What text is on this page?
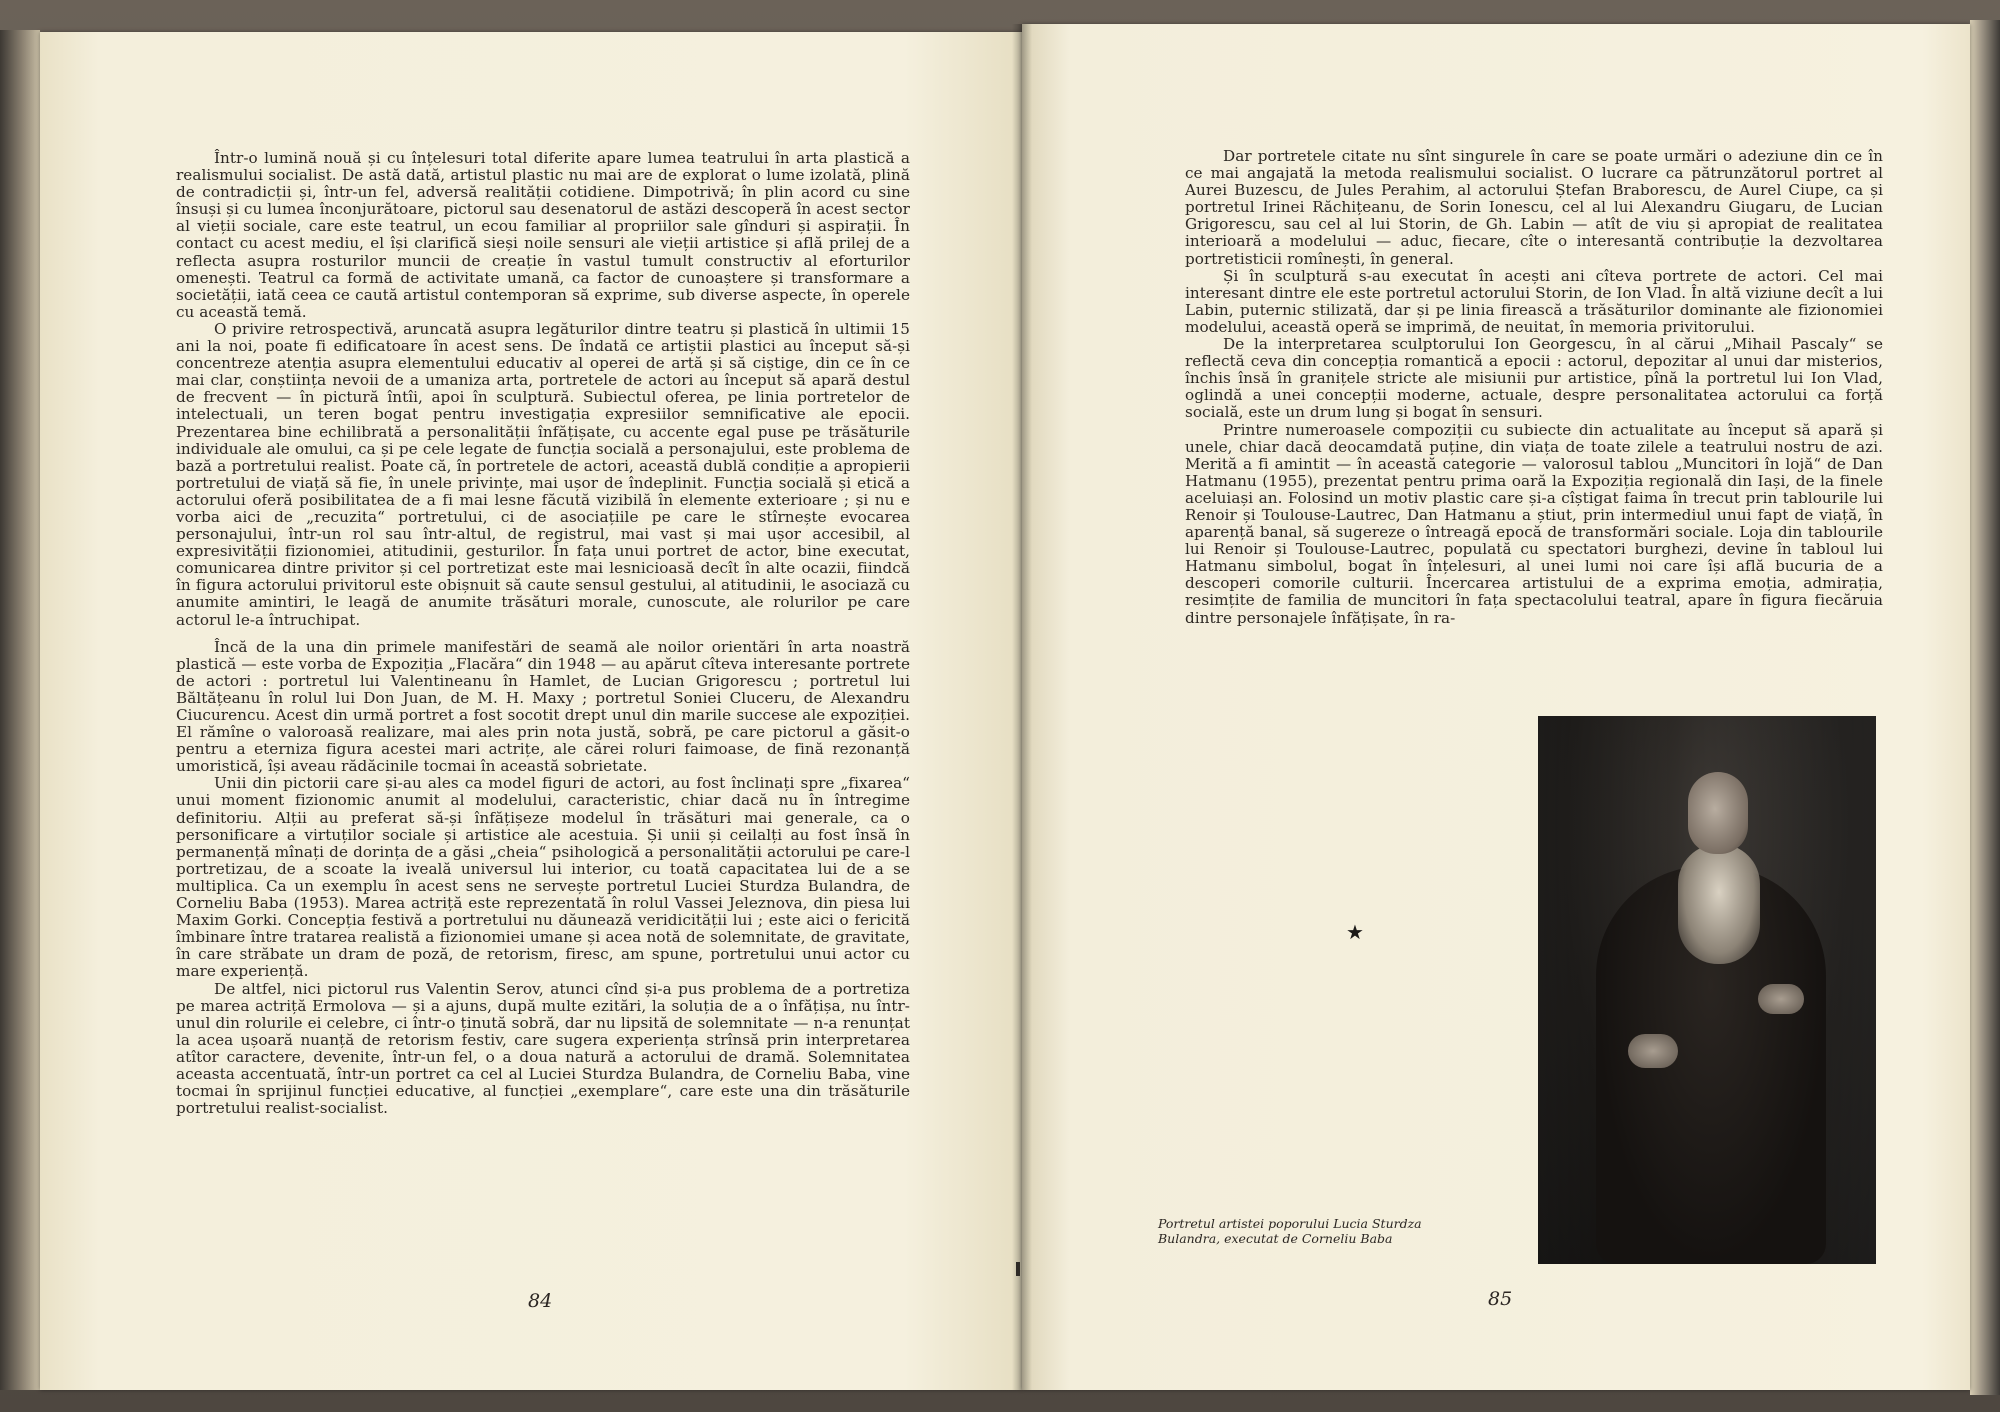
Într-o lumină nouă și cu înțelesuri total diferite apare lumea teatrului în arta plastică a realismului socialist. De astă dată, artistul plastic nu mai are de explorat o lume izolată, plină de contradicții și, într-un fel, adversă realității cotidiene. Dimpotrivă; în plin acord cu sine însuși și cu lumea înconjurătoare, pictorul sau desenatorul de astăzi descoperă în acest sector al vieții sociale, care este teatrul, un ecou familiar al propriilor sale gînduri și aspirații. În contact cu acest mediu, el își clarifică sieși noile sensuri ale vieții artistice și află prilej de a reflecta asupra rosturilor muncii de creație în vastul tumult constructiv al eforturilor omenești. Teatrul ca formă de activitate umană, ca factor de cunoaștere și transformare a societății, iată ceea ce caută artistul contemporan să exprime, sub diverse aspecte, în operele cu această temă.

O privire retrospectivă, aruncată asupra legăturilor dintre teatru și plastică în ultimii 15 ani la noi, poate fi edificatoare în acest sens. De îndată ce artiștii plastici au început să-și concentreze atenția asupra elementului educativ al operei de artă și să ciștige, din ce în ce mai clar, conștiința nevoii de a umaniza arta, portretele de actori au început să apară destul de frecvent — în pictură întîi, apoi în sculptură. Subiectul oferea, pe linia portretelor de intelectuali, un teren bogat pentru investigația expresiilor semnificative ale epocii. Prezentarea bine echilibrată a personalității înfățișate, cu accente egal puse pe trăsăturile individuale ale omului, ca și pe cele legate de funcția socială a personajului, este problema de bază a portretului realist. Poate că, în portretele de actori, această dublă condiție a apropierii portretului de viață să fie, în unele privințe, mai ușor de îndeplinit. Funcția socială și etică a actorului oferă posibilitatea de a fi mai lesne făcută vizibilă în elemente exterioare ; și nu e vorba aici de „recuzita“ portretului, ci de asociațiile pe care le stîrnește evocarea personajului, într-un rol sau într-altul, de registrul, mai vast și mai ușor accesibil, al expresivității fizionomiei, atitudinii, gesturilor. În fața unui portret de actor, bine executat, comunicarea dintre privitor și cel portretizat este mai lesnicioasă decît în alte ocazii, fiindcă în figura actorului privitorul este obișnuit să caute sensul gestului, al atitudinii, le asociază cu anumite amintiri, le leagă de anumite trăsături morale, cunoscute, ale rolurilor pe care actorul le-a întruchipat.

Încă de la una din primele manifestări de seamă ale noilor orientări în arta noastră plastică — este vorba de Expoziția „Flacăra“ din 1948 — au apărut cîteva interesante portrete de actori : portretul lui Valentineanu în Hamlet, de Lucian Grigorescu ; portretul lui Băltățeanu în rolul lui Don Juan, de M. H. Maxy ; portretul Soniei Cluceru, de Alexandru Ciucurencu. Acest din urmă portret a fost socotit drept unul din marile succese ale expoziției. El rămîne o valoroasă realizare, mai ales prin nota justă, sobră, pe care pictorul a găsit-o pentru a eterniza figura acestei mari actrițe, ale cărei roluri faimoase, de fină rezonanță umoristică, își aveau rădăcinile tocmai în această sobrietate.

Unii din pictorii care și-au ales ca model figuri de actori, au fost înclinați spre „fixarea“ unui moment fizionomic anumit al modelului, caracteristic, chiar dacă nu în întregime definitoriu. Alții au preferat să-și înfățișeze modelul în trăsături mai generale, ca o personificare a virtuților sociale și artistice ale acestuia. Și unii și ceilalți au fost însă în permanență mînați de dorința de a găsi „cheia“ psihologică a personalității actorului pe care-l portretizau, de a scoate la iveală universul lui interior, cu toată capacitatea lui de a se multiplica. Ca un exemplu în acest sens ne servește portretul Luciei Sturdza Bulandra, de Corneliu Baba (1953). Marea actriță este reprezentată în rolul Vassei Jeleznova, din piesa lui Maxim Gorki. Concepția festivă a portretului nu dăunează veridicității lui ; este aici o fericită îmbinare între tratarea realistă a fizionomiei umane și acea notă de solemnitate, de gravitate, în care străbate un dram de poză, de retorism, firesc, am spune, portretului unui actor cu mare experiență.

De altfel, nici pictorul rus Valentin Serov, atunci cînd și-a pus problema de a portretiza pe marea actriță Ermolova — și a ajuns, după multe ezitări, la soluția de a o înfățișa, nu într-unul din rolurile ei celebre, ci într-o ținută sobră, dar nu lipsită de solemnitate — n-a renunțat la acea ușoară nuanță de retorism festiv, care sugera experiența strînsă prin interpretarea atîtor caractere, devenite, într-un fel, o a doua natură a actorului de dramă. Solemnitatea aceasta accentuată, într-un portret ca cel al Luciei Sturdza Bulandra, de Corneliu Baba, vine tocmai în sprijinul funcției educative, al funcției „exemplare“, care este una din trăsăturile portretului realist-socialist.

84

Dar portretele citate nu sînt singurele în care se poate urmări o adeziune din ce în ce mai angajată la metoda realismului socialist. O lucrare ca pătrunzătorul portret al Aurei Buzescu, de Jules Perahim, al actorului Ștefan Braborescu, de Aurel Ciupe, ca și portretul Irinei Răchițeanu, de Sorin Ionescu, cel al lui Alexandru Giugaru, de Lucian Grigorescu, sau cel al lui Storin, de Gh. Labin — atît de viu și apropiat de realitatea interioară a modelului — aduc, fiecare, cîte o interesantă contribuție la dezvoltarea portretisticii romînești, în general.

Și în sculptură s-au executat în acești ani cîteva portrete de actori. Cel mai interesant dintre ele este portretul actorului Storin, de Ion Vlad. În altă viziune decît a lui Labin, puternic stilizată, dar și pe linia firească a trăsăturilor dominante ale fizionomiei modelului, această operă se imprimă, de neuitat, în memoria privitorului.

De la interpretarea sculptorului Ion Georgescu, în al cărui „Mihail Pascaly“ se reflectă ceva din concepția romantică a epocii : actorul, depozitar al unui dar misterios, închis însă în granițele stricte ale misiunii pur artistice, pînă la portretul lui Ion Vlad, oglindă a unei concepții moderne, actuale, despre personalitatea actorului ca forță socială, este un drum lung și bogat în sensuri.

Printre numeroasele compoziții cu subiecte din actualitate au început să apară și unele, chiar dacă deocamdată puține, din viața de toate zilele a teatrului nostru de azi. Merită a fi amintit — în această categorie — valorosul tablou „Muncitori în lojă“ de Dan Hatmanu (1955), prezentat pentru prima oară la Expoziția regională din Iași, de la finele aceluiași an. Folosind un motiv plastic care și-a cîștigat faima în trecut prin tablourile lui Renoir și Toulouse-Lautrec, Dan Hatmanu a știut, prin intermediul unui fapt de viață, în aparență banal, să sugereze o întreagă epocă de transformări sociale. Loja din tablourile lui Renoir și Toulouse-Lautrec, populată cu spectatori burghezi, devine în tabloul lui Hatmanu simbolul, bogat în înțelesuri, al unei lumi noi care își află bucuria de a descoperi comorile culturii. Încercarea artistului de a exprima emoția, admirația, resimțite de familia de muncitori în fața spectacolului teatral, apare în figura fiecăruia dintre personajele înfățișate, în ra-

★
Portretul artistei poporului Lucia Sturdza Bulandra, executat de Corneliu Baba
85
